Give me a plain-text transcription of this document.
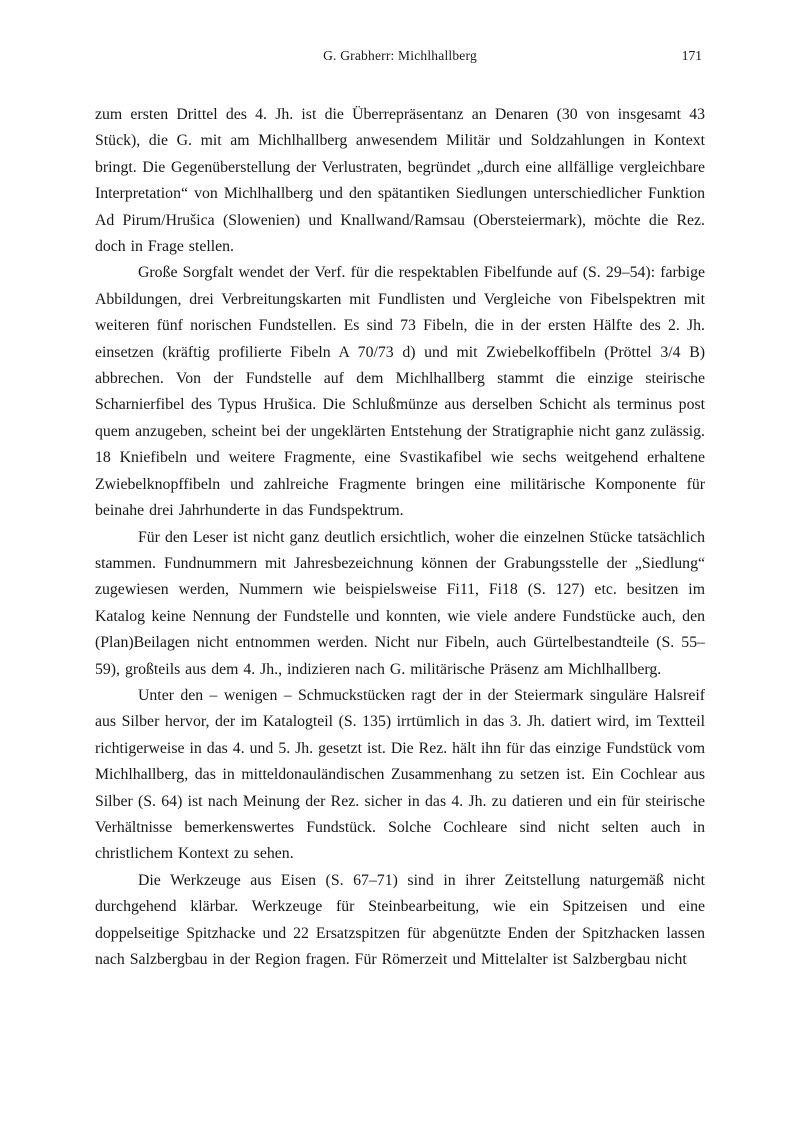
G. Grabherr: Michlhallberg	171

zum ersten Drittel des 4. Jh. ist die Überrepräsentanz an Denaren (30 von insgesamt 43 Stück), die G. mit am Michlhallberg anwesendem Militär und Soldzahlungen in Kontext bringt. Die Gegenüberstellung der Verlustraten, begründet „durch eine allfällige vergleichbare Interpretation“ von Michlhallberg und den spätantiken Siedlungen unterschiedlicher Funktion Ad Pirum/Hrušica (Slowenien) und Knallwand/Ramsau (Obersteiermark), möchte die Rez. doch in Frage stellen.

Große Sorgfalt wendet der Verf. für die respektablen Fibelfunde auf (S. 29–54): farbige Abbildungen, drei Verbreitungskarten mit Fundlisten und Vergleiche von Fibelspektren mit weiteren fünf norischen Fundstellen. Es sind 73 Fibeln, die in der ersten Hälfte des 2. Jh. einsetzen (kräftig profilierte Fibeln A 70/73 d) und mit Zwiebelkoffibeln (Pröttel 3/4 B) abbrechen. Von der Fundstelle auf dem Michlhallberg stammt die einzige steirische Scharnierfibel des Typus Hrušica. Die Schlußmünze aus derselben Schicht als terminus post quem anzugeben, scheint bei der ungeklärten Entstehung der Stratigraphie nicht ganz zulässig. 18 Kniefibeln und weitere Fragmente, eine Svastikafibel wie sechs weitgehend erhaltene Zwiebelknopffibeln und zahlreiche Fragmente bringen eine militärische Komponente für beinahe drei Jahrhunderte in das Fundspektrum.

Für den Leser ist nicht ganz deutlich ersichtlich, woher die einzelnen Stücke tatsächlich stammen. Fundnummern mit Jahresbezeichnung können der Grabungsstelle der „Siedlung“ zugewiesen werden, Nummern wie beispielsweise Fi11, Fi18 (S. 127) etc. besitzen im Katalog keine Nennung der Fundstelle und konnten, wie viele andere Fundstücke auch, den (Plan)Beilagen nicht entnommen werden. Nicht nur Fibeln, auch Gürtelbestandteile (S. 55–59), großteils aus dem 4. Jh., indizieren nach G. militärische Präsenz am Michlhallberg.

Unter den – wenigen – Schmuckstücken ragt der in der Steiermark singuläre Halsreif aus Silber hervor, der im Katalogteil (S. 135) irrtümlich in das 3. Jh. datiert wird, im Textteil richtigerweise in das 4. und 5. Jh. gesetzt ist. Die Rez. hält ihn für das einzige Fundstück vom Michlhallberg, das in mitteldonauländischen Zusammenhang zu setzen ist. Ein Cochlear aus Silber (S. 64) ist nach Meinung der Rez. sicher in das 4. Jh. zu datieren und ein für steirische Verhältnisse bemerkenswertes Fundstück. Solche Cochleare sind nicht selten auch in christlichem Kontext zu sehen.

Die Werkzeuge aus Eisen (S. 67–71) sind in ihrer Zeitstellung naturgemäß nicht durchgehend klärbar. Werkzeuge für Steinbearbeitung, wie ein Spitzeisen und eine doppelseitige Spitzhacke und 22 Ersatzspitzen für abgenützte Enden der Spitzhacken lassen nach Salzbergbau in der Region fragen. Für Römerzeit und Mittelalter ist Salzbergbau nicht
